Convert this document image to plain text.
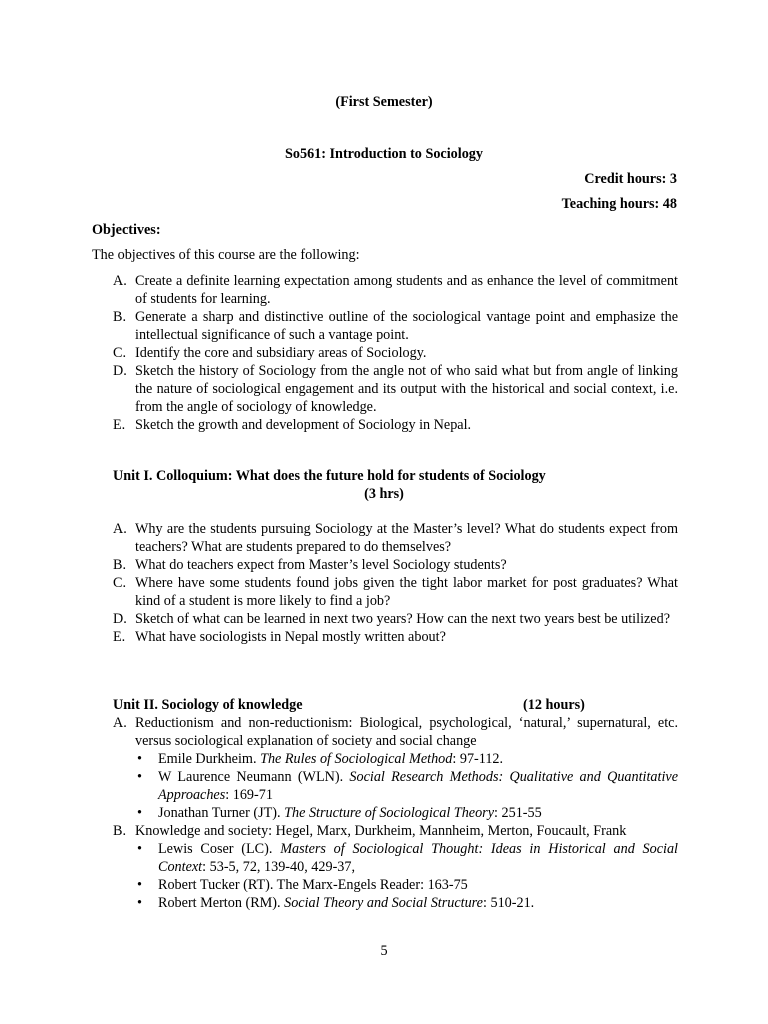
(First Semester)
So561: Introduction to Sociology
Credit hours: 3
Teaching hours: 48
Objectives:
The objectives of this course are the following:
A. Create a definite learning expectation among students and as enhance the level of commitment of students for learning.
B. Generate a sharp and distinctive outline of the sociological vantage point and emphasize the intellectual significance of such a vantage point.
C. Identify the core and subsidiary areas of Sociology.
D. Sketch the history of Sociology from the angle not of who said what but from angle of linking the nature of sociological engagement and its output with the historical and social context, i.e. from the angle of sociology of knowledge.
E. Sketch the growth and development of Sociology in Nepal.
Unit I. Colloquium: What does the future hold for students of Sociology
(3 hrs)
A. Why are the students pursuing Sociology at the Master’s level? What do students expect from teachers? What are students prepared to do themselves?
B. What do teachers expect from Master’s level Sociology students?
C. Where have some students found jobs given the tight labor market for post graduates? What kind of a student is more likely to find a job?
D. Sketch of what can be learned in next two years? How can the next two years best be utilized?
E. What have sociologists in Nepal mostly written about?
Unit II. Sociology of knowledge	(12 hours)
A. Reductionism and non-reductionism: Biological, psychological, ‘natural,’ supernatural, etc. versus sociological explanation of society and social change
•	Emile Durkheim. The Rules of Sociological Method: 97-112.
•	W Laurence Neumann (WLN). Social Research Methods: Qualitative and Quantitative Approaches: 169-71
•	Jonathan Turner (JT). The Structure of Sociological Theory: 251-55
B. Knowledge and society: Hegel, Marx, Durkheim, Mannheim, Merton, Foucault, Frank
•	Lewis Coser (LC). Masters of Sociological Thought: Ideas in Historical and Social Context: 53-5, 72, 139-40, 429-37,
•	Robert Tucker (RT). The Marx-Engels Reader: 163-75
•	Robert Merton (RM). Social Theory and Social Structure: 510-21.
5
